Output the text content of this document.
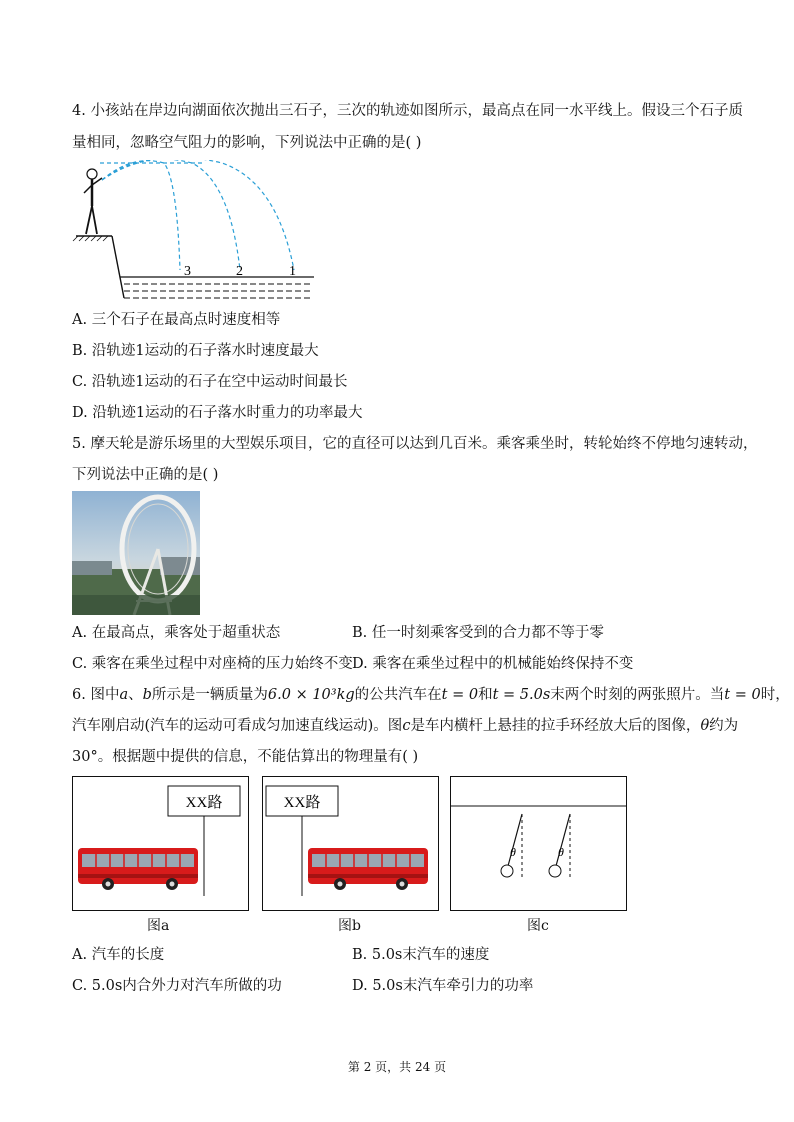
4. 小孩站在岸边向湖面依次抛出三石子，三次的轨迹如图所示，最高点在同一水平线上。假设三个石子质
量相同，忽略空气阻力的影响，下列说法中正确的是( )
3	2	1
A. 三个石子在最高点时速度相等
B. 沿轨迹1运动的石子落水时速度最大
C. 沿轨迹1运动的石子在空中运动时间最长
D. 沿轨迹1运动的石子落水时重力的功率最大
5. 摩天轮是游乐场里的大型娱乐项目，它的直径可以达到几百米。乘客乘坐时，转轮始终不停地匀速转动，
下列说法中正确的是( )
A. 在最高点，乘客处于超重状态	B. 任一时刻乘客受到的合力都不等于零
C. 乘客在乘坐过程中对座椅的压力始终不变 D. 乘客在乘坐过程中的机械能始终保持不变
6. 图中a、b所示是一辆质量为6.0 × 10³kg的公共汽车在t = 0和t = 5.0s末两个时刻的两张照片。当t = 0时，
汽车刚启动(汽车的运动可看成匀加速直线运动)。图c是车内横杆上悬挂的拉手环经放大后的图像，θ约为
30°。根据题中提供的信息，不能估算出的物理量有( )
XX路	XX路
θ	θ
图a	图b	图c
A. 汽车的长度	B. 5.0s末汽车的速度
C. 5.0s内合外力对汽车所做的功	D. 5.0s末汽车牵引力的功率
第 2 页，共 24 页
